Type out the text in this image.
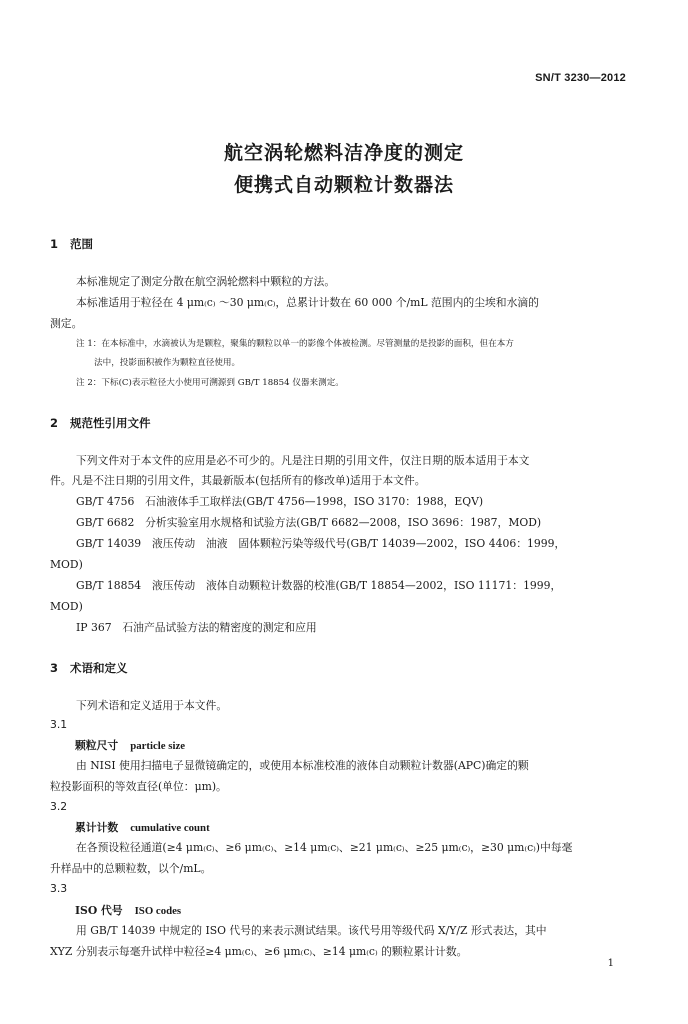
SN/T 3230—2012
航空涡轮燃料洁净度的测定
便携式自动颗粒计数器法
1 范围
本标准规定了测定分散在航空涡轮燃料中颗粒的方法。
本标准适用于粒径在 4 μm₍c₎ ～30 μm₍c₎，总累计计数在 60 000 个/mL 范围内的尘埃和水滴的
测定。
注 1：在本标准中，水滴被认为是颗粒，聚集的颗粒以单一的影像个体被检测。尽管测量的是投影的面积，但在本方
法中，投影面积被作为颗粒直径使用。
注 2：下标(C)表示粒径大小使用可溯源到 GB/T 18854 仪器来测定。
2 规范性引用文件
下列文件对于本文件的应用是必不可少的。凡是注日期的引用文件，仅注日期的版本适用于本文
件。凡是不注日期的引用文件，其最新版本(包括所有的修改单)适用于本文件。
GB/T 4756　石油液体手工取样法(GB/T 4756—1998，ISO 3170：1988，EQV)
GB/T 6682　分析实验室用水规格和试验方法(GB/T 6682—2008，ISO 3696：1987，MOD)
GB/T 14039　液压传动　油液　固体颗粒污染等级代号(GB/T 14039—2002，ISO 4406：1999，
MOD)
GB/T 18854　液压传动　液体自动颗粒计数器的校准(GB/T 18854—2002，ISO 11171：1999，
MOD)
IP 367　石油产品试验方法的精密度的测定和应用
3 术语和定义
下列术语和定义适用于本文件。
3.1
颗粒尺寸 particle size
由 NISI 使用扫描电子显微镜确定的，或使用本标准校准的液体自动颗粒计数器(APC)确定的颗
粒投影面积的等效直径(单位：μm)。
3.2
累计计数 cumulative count
在各预设粒径通道(≥4 μm₍c₎、≥6 μm₍c₎、≥14 μm₍c₎、≥21 μm₍c₎、≥25 μm₍c₎，≥30 μm₍c₎)中每毫
升样品中的总颗粒数，以个/mL。
3.3
ISO 代号 ISO codes
用 GB/T 14039 中规定的 ISO 代号的来表示测试结果。该代号用等级代码 X/Y/Z 形式表达，其中
XYZ 分别表示每毫升试样中粒径≥4 μm₍c₎、≥6 μm₍c₎、≥14 μm₍c₎ 的颗粒累计计数。
1
